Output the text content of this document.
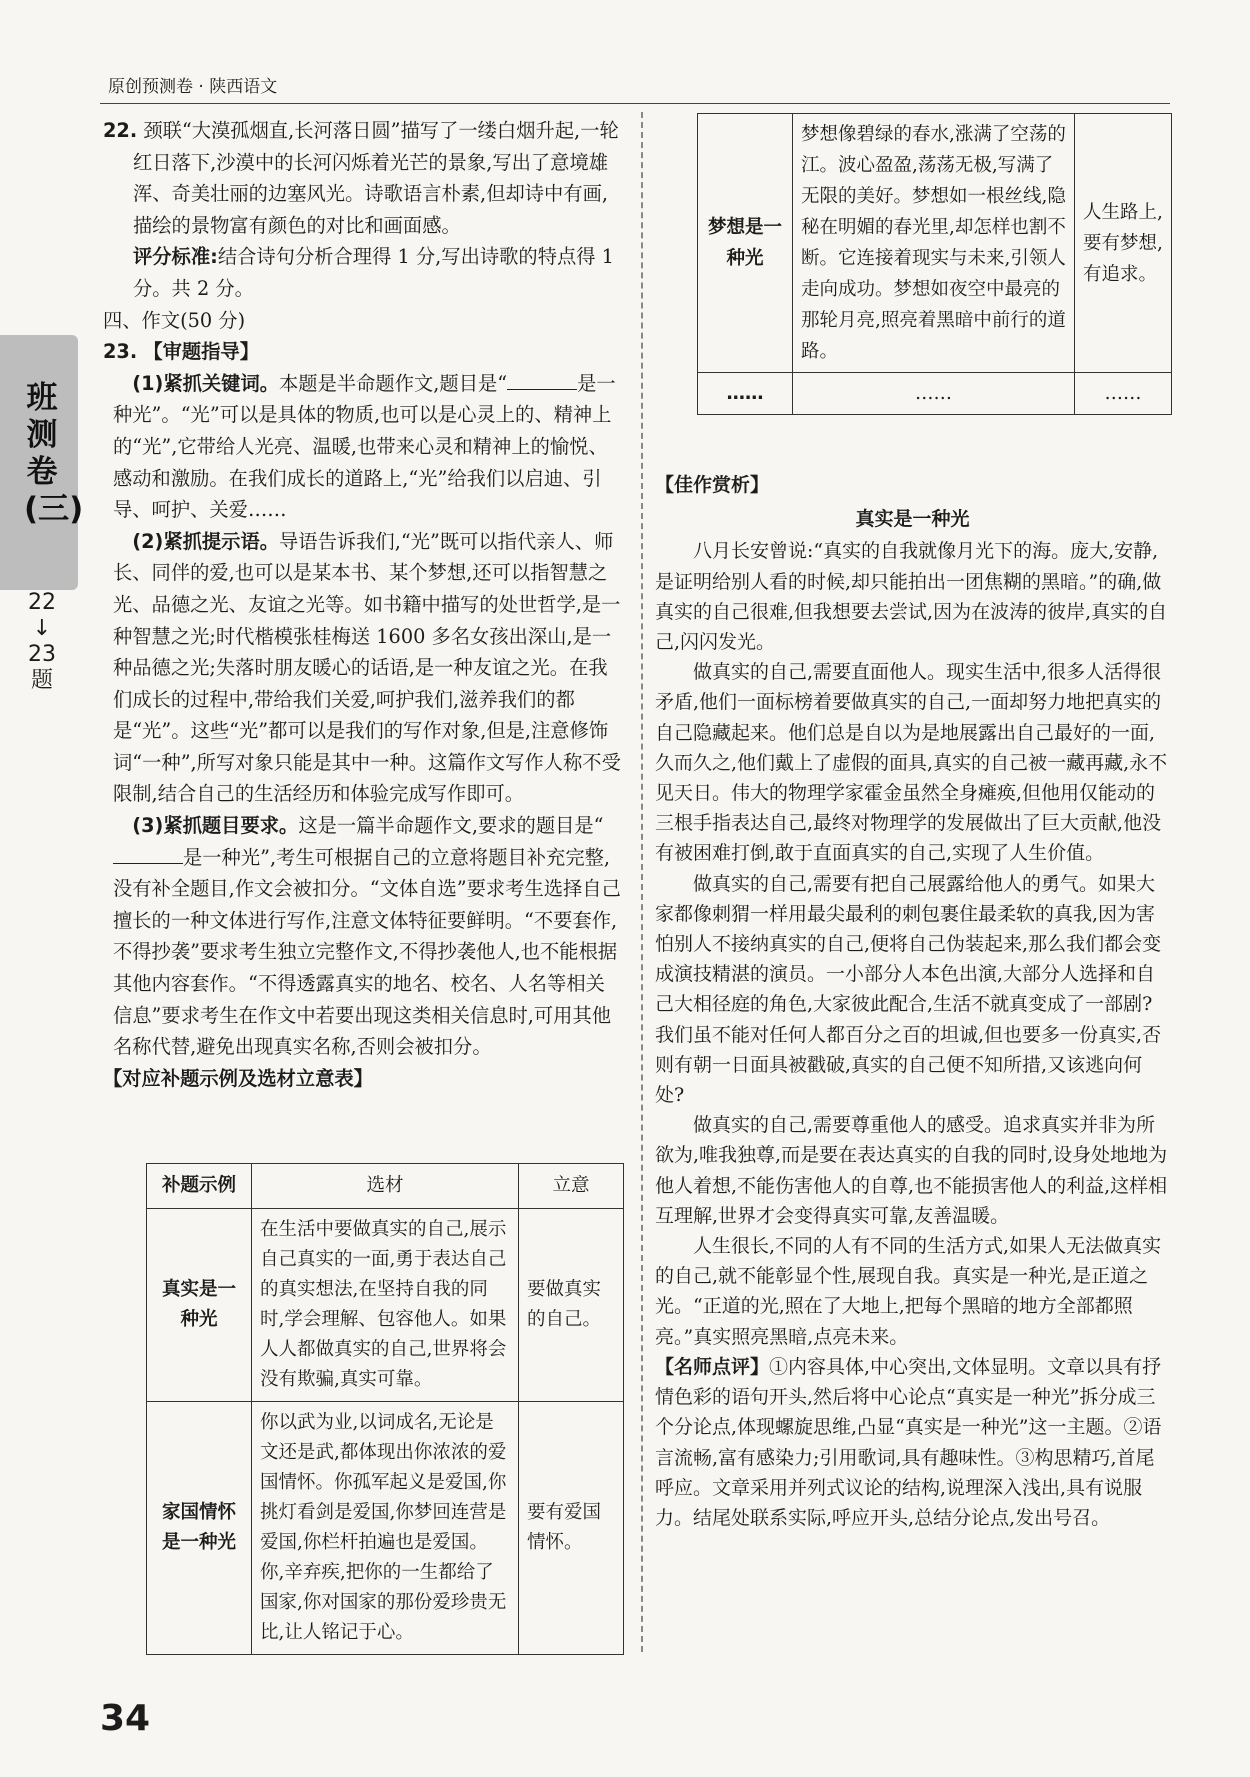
原创预测卷 · 陕西语文
班测卷(三)
22
↓
23
题

22. 颈联“大漠孤烟直,长河落日圆”描写了一缕白烟升起,一轮红日落下,沙漠中的长河闪烁着光芒的景象,写出了意境雄浑、奇美壮丽的边塞风光。诗歌语言朴素,但却诗中有画,描绘的景物富有颜色的对比和画面感。

评分标准:结合诗句分析合理得 1 分,写出诗歌的特点得 1 分。共 2 分。

四、作文(50 分)

23. 【审题指导】

(1)紧抓关键词。本题是半命题作文,题目是“	是一种光”。“光”可以是具体的物质,也可以是心灵上的、精神上的“光”,它带给人光亮、温暖,也带来心灵和精神上的愉悦、感动和激励。在我们成长的道路上,“光”给我们以启迪、引导、呵护、关爱……

(2)紧抓提示语。导语告诉我们,“光”既可以指代亲人、师长、同伴的爱,也可以是某本书、某个梦想,还可以指智慧之光、品德之光、友谊之光等。如书籍中描写的处世哲学,是一种智慧之光;时代楷模张桂梅送 1600 多名女孩出深山,是一种品德之光;失落时朋友暖心的话语,是一种友谊之光。在我们成长的过程中,带给我们关爱,呵护我们,滋养我们的都是“光”。这些“光”都可以是我们的写作对象,但是,注意修饰词“一种”,所写对象只能是其中一种。这篇作文写作人称不受限制,结合自己的生活经历和体验完成写作即可。

(3)紧抓题目要求。这是一篇半命题作文,要求的题目是“是一种光”,考生可根据自己的立意将题目补充完整,没有补全题目,作文会被扣分。“文体自选”要求考生选择自己擅长的一种文体进行写作,注意文体特征要鲜明。“不要套作,不得抄袭”要求考生独立完整作文,不得抄袭他人,也不能根据其他内容套作。“不得透露真实的地名、校名、人名等相关信息”要求考生在作文中若要出现这类相关信息时,可用其他名称代替,避免出现真实名称,否则会被扣分。

【对应补题示例及选材立意表】

补题示例	选材	立意
真实是一种光	在生活中要做真实的自己,展示自己真实的一面,勇于表达自己的真实想法,在坚持自我的同时,学会理解、包容他人。如果人人都做真实的自己,世界将会没有欺骗,真实可靠。	要做真实的自己。
家国情怀是一种光	你以武为业,以词成名,无论是文还是武,都体现出你浓浓的爱国情怀。你孤军起义是爱国,你挑灯看剑是爱国,你梦回连营是爱国,你栏杆拍遍也是爱国。你,辛弃疾,把你的一生都给了国家,你对国家的那份爱珍贵无比,让人铭记于心。	要有爱国情怀。
梦想是一种光	梦想像碧绿的春水,涨满了空荡的江。波心盈盈,荡荡无极,写满了无限的美好。梦想如一根丝线,隐秘在明媚的春光里,却怎样也割不断。它连接着现实与未来,引领人走向成功。梦想如夜空中最亮的那轮月亮,照亮着黑暗中前行的道路。	人生路上,要有梦想,有追求。
……	……	……

【佳作赏析】

真实是一种光

八月长安曾说:“真实的自我就像月光下的海。庞大,安静,是证明给别人看的时候,却只能拍出一团焦糊的黑暗。”的确,做真实的自己很难,但我想要去尝试,因为在波涛的彼岸,真实的自己,闪闪发光。

做真实的自己,需要直面他人。现实生活中,很多人活得很矛盾,他们一面标榜着要做真实的自己,一面却努力地把真实的自己隐藏起来。他们总是自以为是地展露出自己最好的一面,久而久之,他们戴上了虚假的面具,真实的自己被一藏再藏,永不见天日。伟大的物理学家霍金虽然全身瘫痪,但他用仅能动的三根手指表达自己,最终对物理学的发展做出了巨大贡献,他没有被困难打倒,敢于直面真实的自己,实现了人生价值。

做真实的自己,需要有把自己展露给他人的勇气。如果大家都像刺猬一样用最尖最利的刺包裹住最柔软的真我,因为害怕别人不接纳真实的自己,便将自己伪装起来,那么我们都会变成演技精湛的演员。一小部分人本色出演,大部分人选择和自己大相径庭的角色,大家彼此配合,生活不就真变成了一部剧?我们虽不能对任何人都百分之百的坦诚,但也要多一份真实,否则有朝一日面具被戳破,真实的自己便不知所措,又该逃向何处?

做真实的自己,需要尊重他人的感受。追求真实并非为所欲为,唯我独尊,而是要在表达真实的自我的同时,设身处地地为他人着想,不能伤害他人的自尊,也不能损害他人的利益,这样相互理解,世界才会变得真实可靠,友善温暖。

人生很长,不同的人有不同的生活方式,如果人无法做真实的自己,就不能彰显个性,展现自我。真实是一种光,是正道之光。“正道的光,照在了大地上,把每个黑暗的地方全部都照亮。”真实照亮黑暗,点亮未来。

【名师点评】①内容具体,中心突出,文体显明。文章以具有抒情色彩的语句开头,然后将中心论点“真实是一种光”拆分成三个分论点,体现螺旋思维,凸显“真实是一种光”这一主题。②语言流畅,富有感染力;引用歌词,具有趣味性。③构思精巧,首尾呼应。文章采用并列式议论的结构,说理深入浅出,具有说服力。结尾处联系实际,呼应开头,总结分论点,发出号召。

34
